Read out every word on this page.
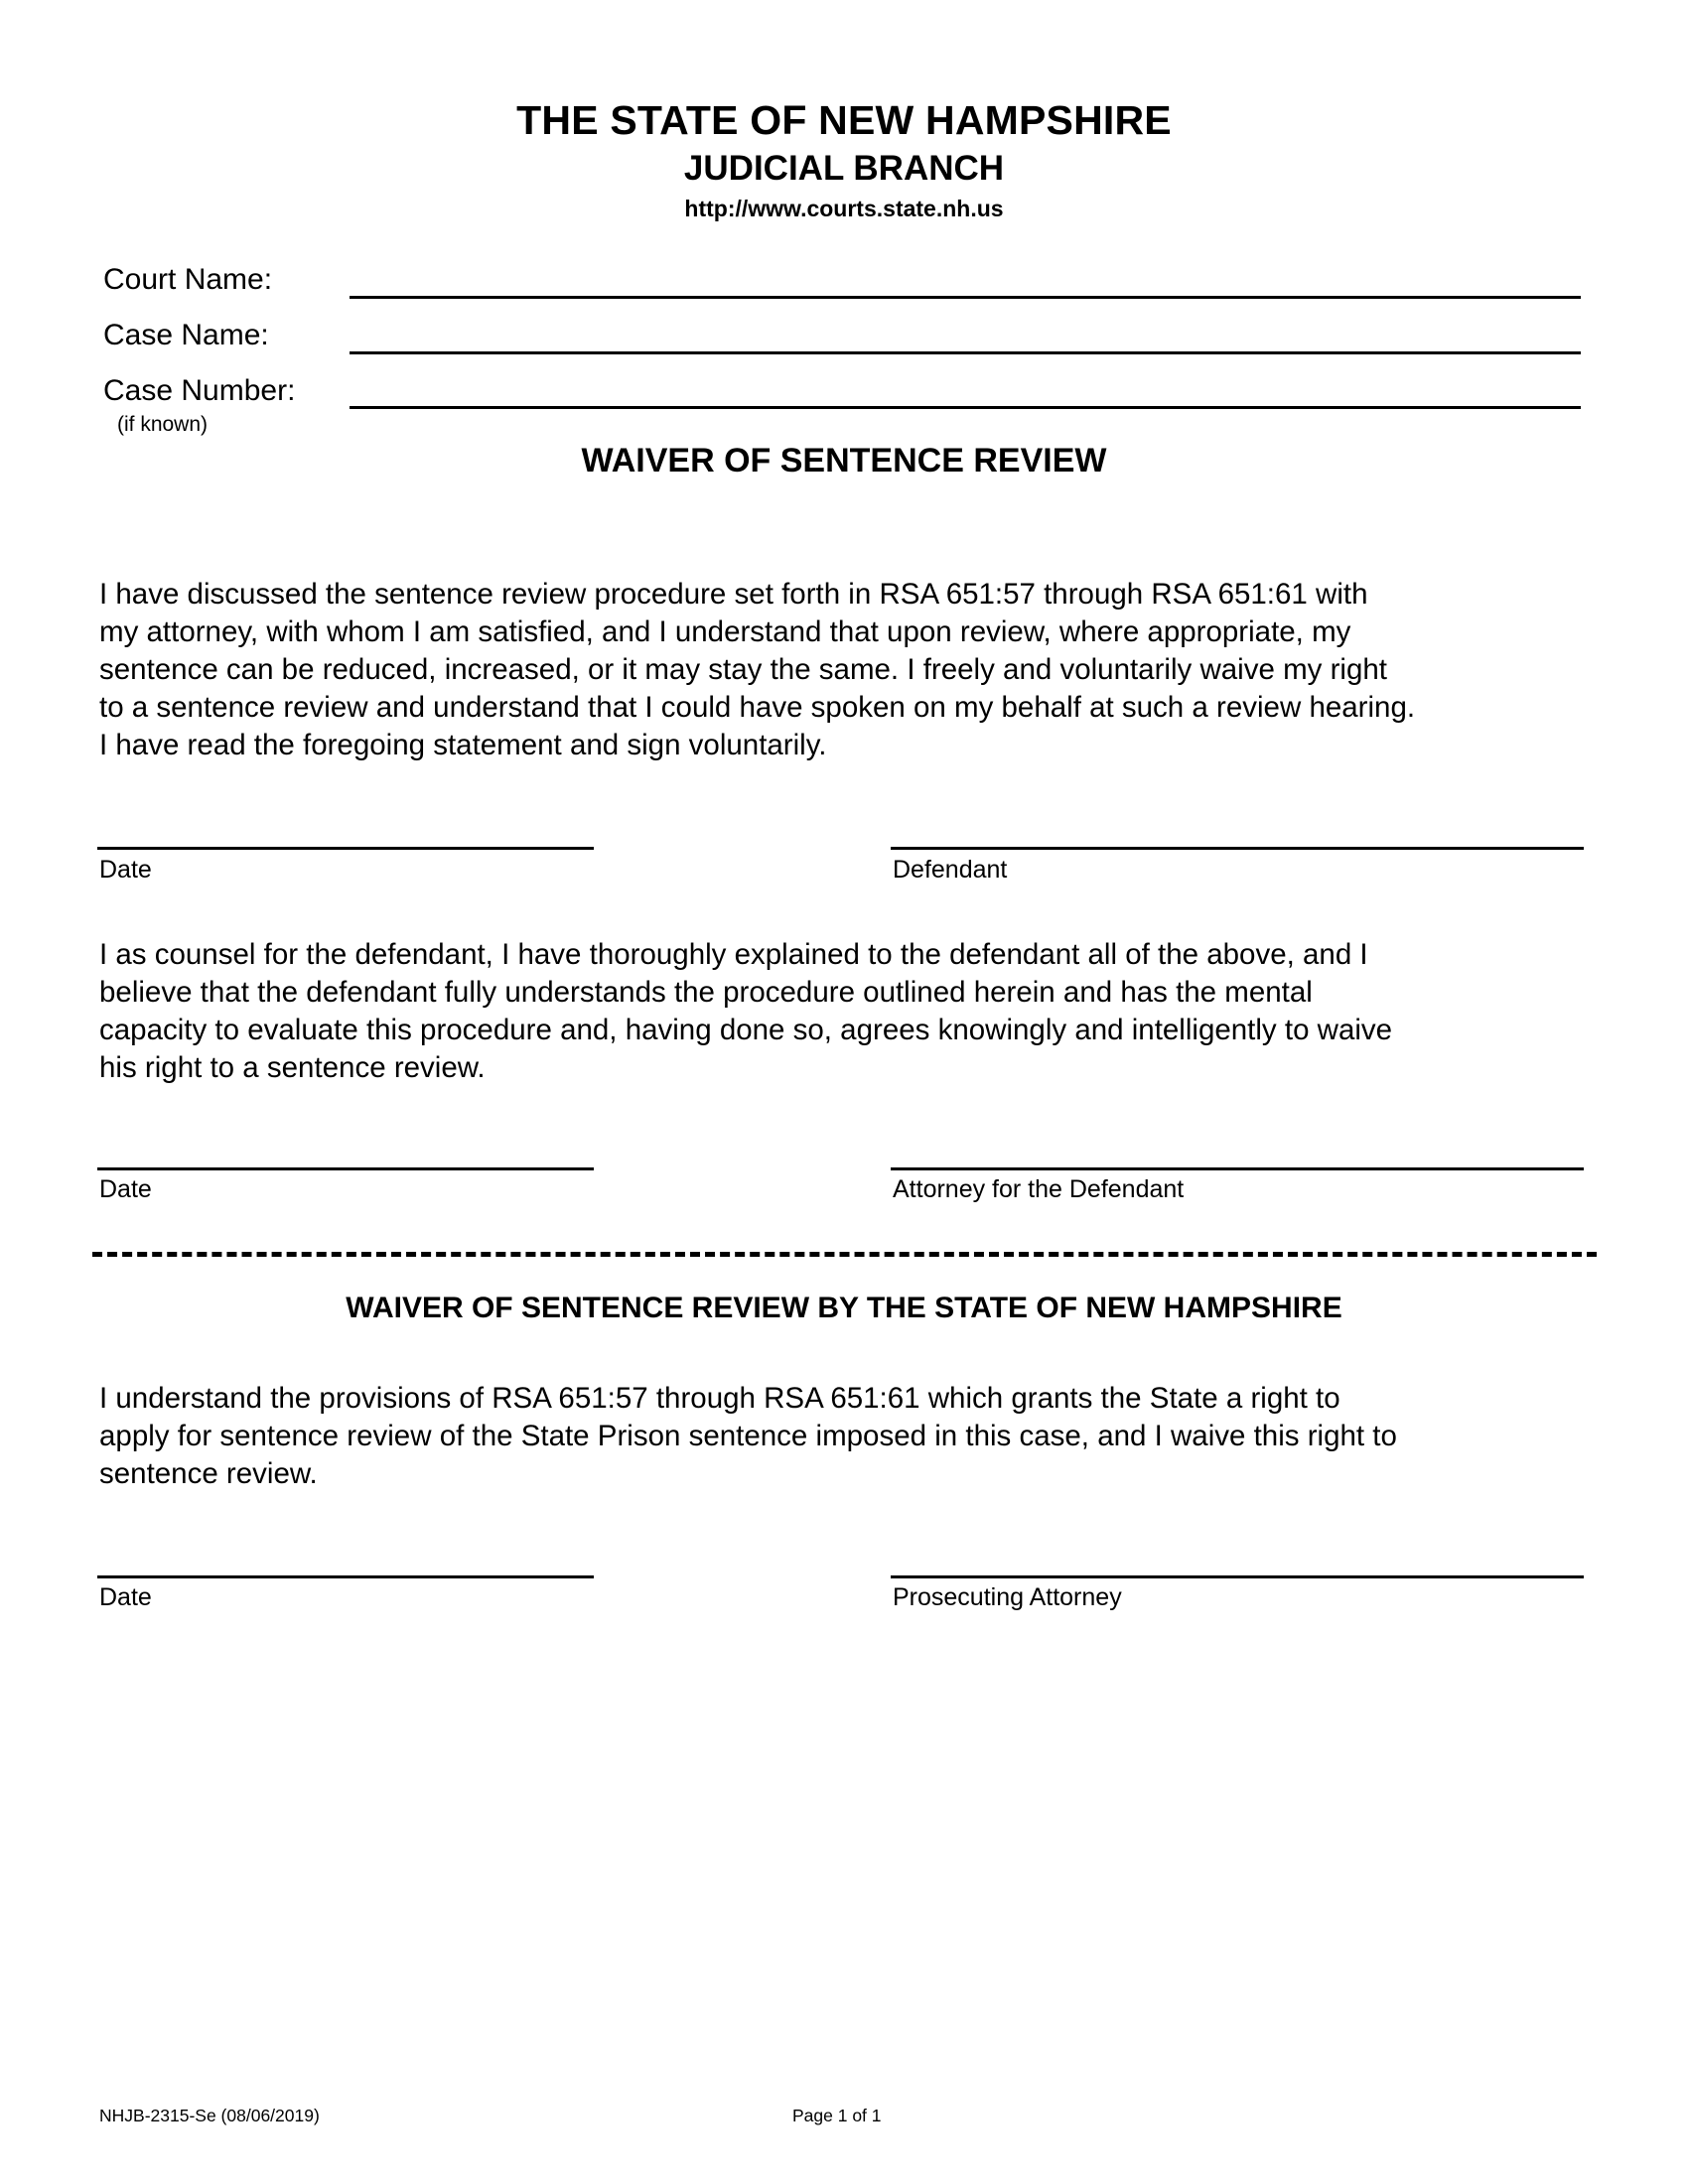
THE STATE OF NEW HAMPSHIRE
JUDICIAL BRANCH
http://www.courts.state.nh.us
Court Name:
Case Name:
Case Number:
(if known)
WAIVER OF SENTENCE REVIEW
I have discussed the sentence review procedure set forth in RSA 651:57 through RSA 651:61 with
my attorney, with whom I am satisfied, and I understand that upon review, where appropriate, my
sentence can be reduced, increased, or it may stay the same. I freely and voluntarily waive my right
to a sentence review and understand that I could have spoken on my behalf at such a review hearing.
I have read the foregoing statement and sign voluntarily.
Date	Defendant
I as counsel for the defendant, I have thoroughly explained to the defendant all of the above, and I
believe that the defendant fully understands the procedure outlined herein and has the mental
capacity to evaluate this procedure and, having done so, agrees knowingly and intelligently to waive
his right to a sentence review.
Date	Attorney for the Defendant
WAIVER OF SENTENCE REVIEW BY THE STATE OF NEW HAMPSHIRE
I understand the provisions of RSA 651:57 through RSA 651:61 which grants the State a right to
apply for sentence review of the State Prison sentence imposed in this case, and I waive this right to
sentence review.
Date	Prosecuting Attorney
NHJB-2315-Se (08/06/2019)	Page 1 of 1
